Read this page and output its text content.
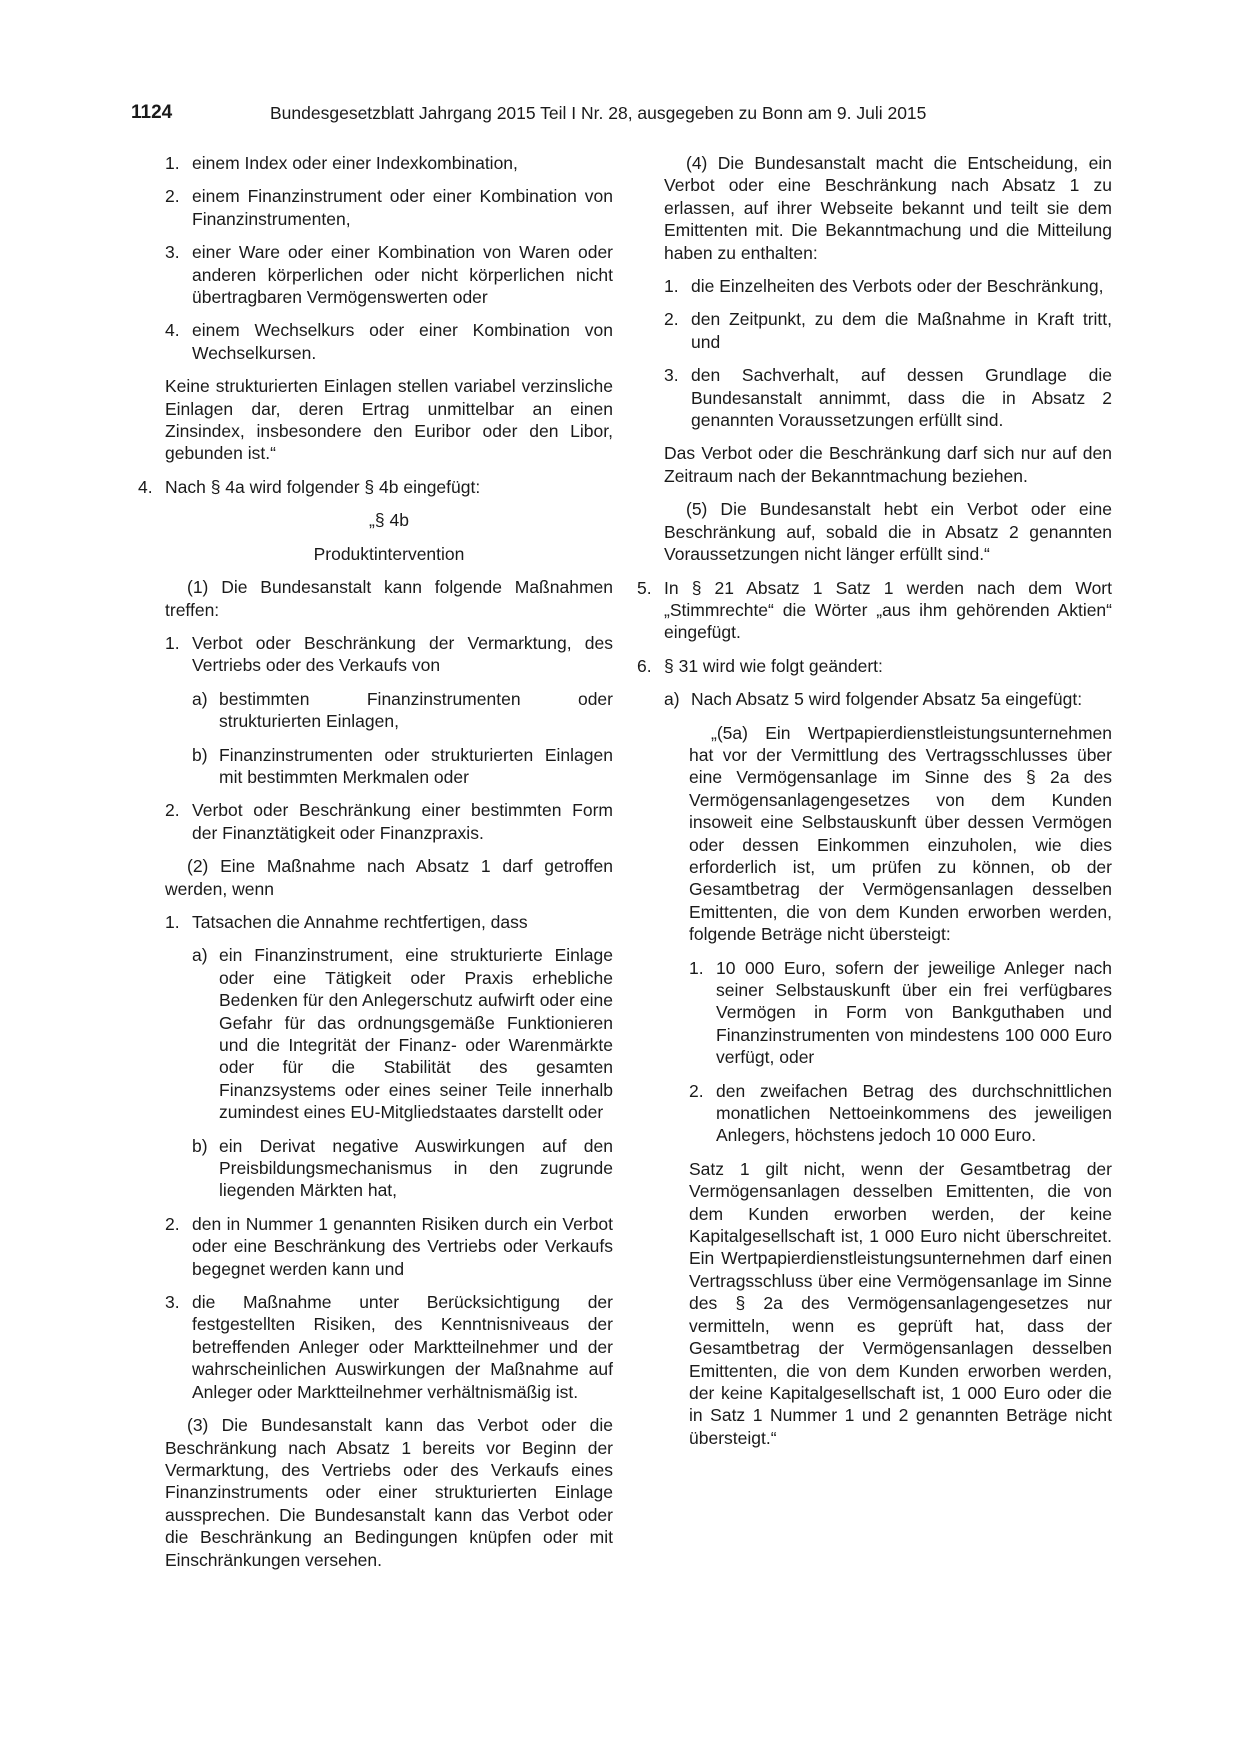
1124	Bundesgesetzblatt Jahrgang 2015 Teil I Nr. 28, ausgegeben zu Bonn am 9. Juli 2015
1. einem Index oder einer Indexkombination,
2. einem Finanzinstrument oder einer Kombination von Finanzinstrumenten,
3. einer Ware oder einer Kombination von Waren oder anderen körperlichen oder nicht körperlichen nicht übertragbaren Vermögenswerten oder
4. einem Wechselkurs oder einer Kombination von Wechselkursen.

Keine strukturierten Einlagen stellen variabel verzinsliche Einlagen dar, deren Ertrag unmittelbar an einen Zinsindex, insbesondere den Euribor oder den Libor, gebunden ist.“

4. Nach § 4a wird folgender § 4b eingefügt:

„§ 4b

Produktintervention

(1) Die Bundesanstalt kann folgende Maßnahmen treffen:

1. Verbot oder Beschränkung der Vermarktung, des Vertriebs oder des Verkaufs von
a) bestimmten Finanzinstrumenten oder strukturierten Einlagen,
b) Finanzinstrumenten oder strukturierten Einlagen mit bestimmten Merkmalen oder
2. Verbot oder Beschränkung einer bestimmten Form der Finanztätigkeit oder Finanzpraxis.

(2) Eine Maßnahme nach Absatz 1 darf getroffen werden, wenn

1. Tatsachen die Annahme rechtfertigen, dass
a) ein Finanzinstrument, eine strukturierte Einlage oder eine Tätigkeit oder Praxis erhebliche Bedenken für den Anlegerschutz aufwirft oder eine Gefahr für das ordnungsgemäße Funktionieren und die Integrität der Finanz- oder Warenmärkte oder für die Stabilität des gesamten Finanzsystems oder eines seiner Teile innerhalb zumindest eines EU-Mitgliedstaates darstellt oder
b) ein Derivat negative Auswirkungen auf den Preisbildungsmechanismus in den zugrunde liegenden Märkten hat,
2. den in Nummer 1 genannten Risiken durch ein Verbot oder eine Beschränkung des Vertriebs oder Verkaufs begegnet werden kann und
3. die Maßnahme unter Berücksichtigung der festgestellten Risiken, des Kenntnisniveaus der betreffenden Anleger oder Marktteilnehmer und der wahrscheinlichen Auswirkungen der Maßnahme auf Anleger oder Marktteilnehmer verhältnismäßig ist.

(3) Die Bundesanstalt kann das Verbot oder die Beschränkung nach Absatz 1 bereits vor Beginn der Vermarktung, des Vertriebs oder des Verkaufs eines Finanzinstruments oder einer strukturierten Einlage aussprechen. Die Bundesanstalt kann das Verbot oder die Beschränkung an Bedingungen knüpfen oder mit Einschränkungen versehen.

(4) Die Bundesanstalt macht die Entscheidung, ein Verbot oder eine Beschränkung nach Absatz 1 zu erlassen, auf ihrer Webseite bekannt und teilt sie dem Emittenten mit. Die Bekanntmachung und die Mitteilung haben zu enthalten:

1. die Einzelheiten des Verbots oder der Beschränkung,
2. den Zeitpunkt, zu dem die Maßnahme in Kraft tritt, und
3. den Sachverhalt, auf dessen Grundlage die Bundesanstalt annimmt, dass die in Absatz 2 genannten Voraussetzungen erfüllt sind.

Das Verbot oder die Beschränkung darf sich nur auf den Zeitraum nach der Bekanntmachung beziehen.

(5) Die Bundesanstalt hebt ein Verbot oder eine Beschränkung auf, sobald die in Absatz 2 genannten Voraussetzungen nicht länger erfüllt sind.“

5. In § 21 Absatz 1 Satz 1 werden nach dem Wort „Stimmrechte“ die Wörter „aus ihm gehörenden Aktien“ eingefügt.
6. § 31 wird wie folgt geändert:
a) Nach Absatz 5 wird folgender Absatz 5a eingefügt:

„(5a) Ein Wertpapierdienstleistungsunternehmen hat vor der Vermittlung des Vertragsschlusses über eine Vermögensanlage im Sinne des § 2a des Vermögensanlagengesetzes von dem Kunden insoweit eine Selbstauskunft über dessen Vermögen oder dessen Einkommen einzuholen, wie dies erforderlich ist, um prüfen zu können, ob der Gesamtbetrag der Vermögensanlagen desselben Emittenten, die von dem Kunden erworben werden, folgende Beträge nicht übersteigt:

1. 10 000 Euro, sofern der jeweilige Anleger nach seiner Selbstauskunft über ein frei verfügbares Vermögen in Form von Bankguthaben und Finanzinstrumenten von mindestens 100 000 Euro verfügt, oder
2. den zweifachen Betrag des durchschnittlichen monatlichen Nettoeinkommens des jeweiligen Anlegers, höchstens jedoch 10 000 Euro.

Satz 1 gilt nicht, wenn der Gesamtbetrag der Vermögensanlagen desselben Emittenten, die von dem Kunden erworben werden, der keine Kapitalgesellschaft ist, 1 000 Euro nicht überschreitet. Ein Wertpapierdienstleistungsunternehmen darf einen Vertragsschluss über eine Vermögensanlage im Sinne des § 2a des Vermögensanlagengesetzes nur vermitteln, wenn es geprüft hat, dass der Gesamtbetrag der Vermögensanlagen desselben Emittenten, die von dem Kunden erworben werden, der keine Kapitalgesellschaft ist, 1 000 Euro oder die in Satz 1 Nummer 1 und 2 genannten Beträge nicht übersteigt.“
